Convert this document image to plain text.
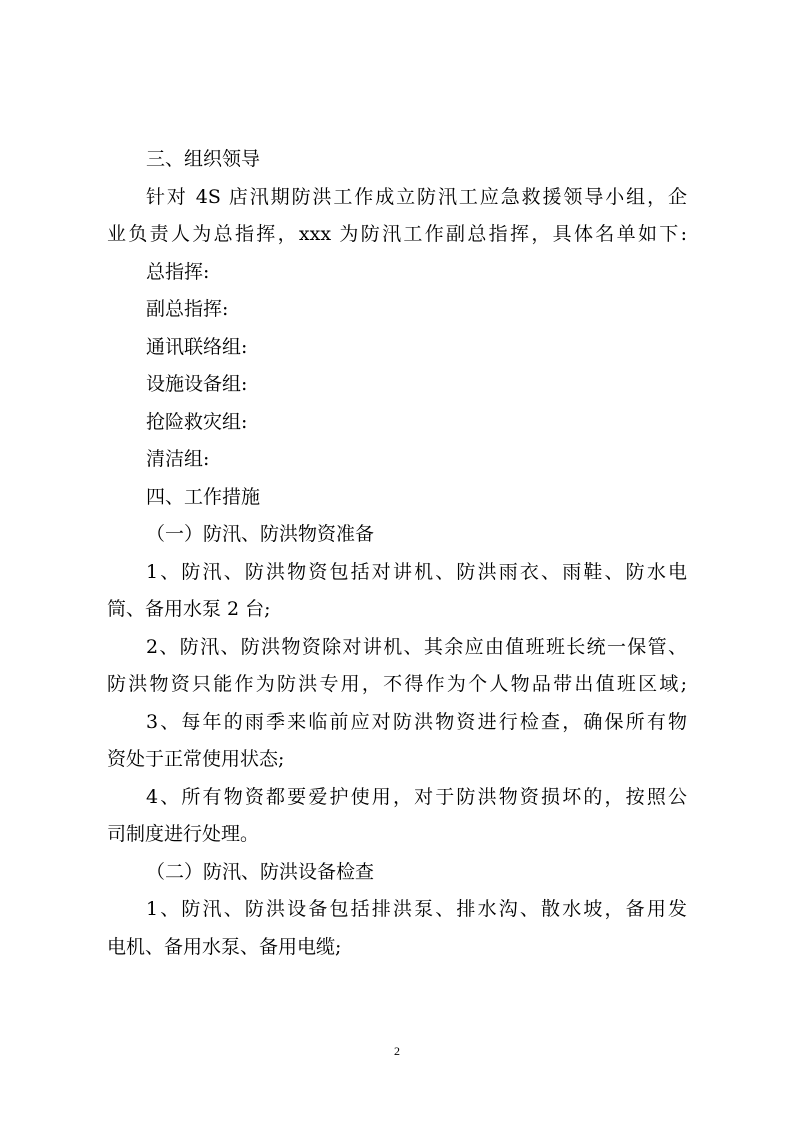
三、组织领导
针对 4S 店汛期防洪工作成立防汛工应急救援领导小组，企
业负责人为总指挥，xxx 为防汛工作副总指挥，具体名单如下:
总指挥:
副总指挥:
通讯联络组:
设施设备组:
抢险救灾组:
清洁组:
四、工作措施
（一）防汛、防洪物资准备
1、防汛、防洪物资包括对讲机、防洪雨衣、雨鞋、防水电
筒、备用水泵 2 台;
2、防汛、防洪物资除对讲机、其余应由值班班长统一保管、
防洪物资只能作为防洪专用，不得作为个人物品带出值班区域;
3、每年的雨季来临前应对防洪物资进行检查，确保所有物
资处于正常使用状态;
4、所有物资都要爱护使用，对于防洪物资损坏的，按照公
司制度进行处理。
（二）防汛、防洪设备检查
1、防汛、防洪设备包括排洪泵、排水沟、散水坡，备用发
电机、备用水泵、备用电缆;
2
